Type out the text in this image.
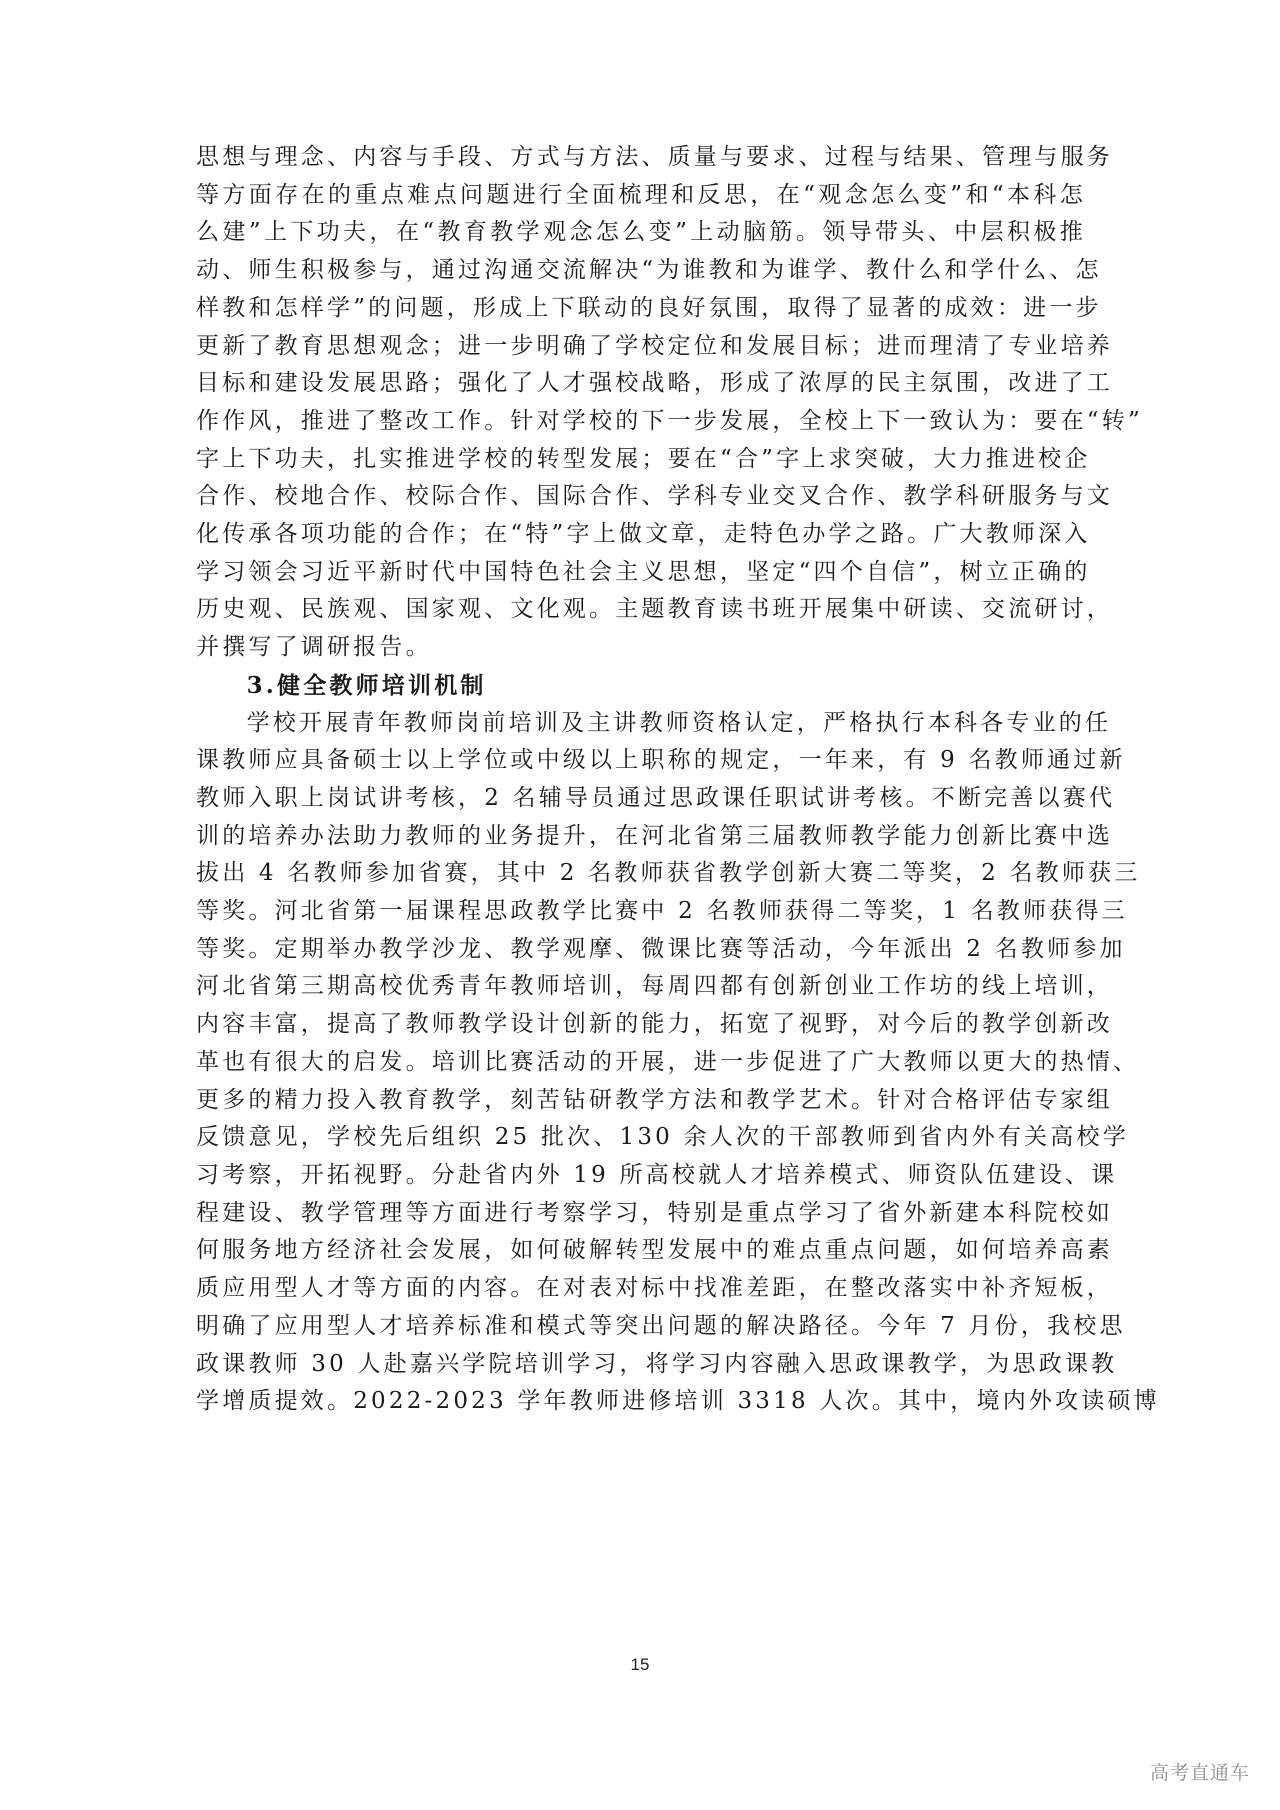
思想与理念、内容与手段、方式与方法、质量与要求、过程与结果、管理与服务
等方面存在的重点难点问题进行全面梳理和反思，在“观念怎么变”和“本科怎
么建”上下功夫，在“教育教学观念怎么变”上动脑筋。领导带头、中层积极推
动、师生积极参与，通过沟通交流解决“为谁教和为谁学、教什么和学什么、怎
样教和怎样学”的问题，形成上下联动的良好氛围，取得了显著的成效：进一步
更新了教育思想观念；进一步明确了学校定位和发展目标；进而理清了专业培养
目标和建设发展思路；强化了人才强校战略，形成了浓厚的民主氛围，改进了工
作作风，推进了整改工作。针对学校的下一步发展，全校上下一致认为：要在“转”
字上下功夫，扎实推进学校的转型发展；要在“合”字上求突破，大力推进校企
合作、校地合作、校际合作、国际合作、学科专业交叉合作、教学科研服务与文
化传承各项功能的合作；在“特”字上做文章，走特色办学之路。广大教师深入
学习领会习近平新时代中国特色社会主义思想，坚定“四个自信”，树立正确的
历史观、民族观、国家观、文化观。主题教育读书班开展集中研读、交流研讨，
并撰写了调研报告。

3.健全教师培训机制

学校开展青年教师岗前培训及主讲教师资格认定，严格执行本科各专业的任
课教师应具备硕士以上学位或中级以上职称的规定，一年来，有 9 名教师通过新
教师入职上岗试讲考核，2 名辅导员通过思政课任职试讲考核。不断完善以赛代
训的培养办法助力教师的业务提升，在河北省第三届教师教学能力创新比赛中选
拔出 4 名教师参加省赛，其中 2 名教师获省教学创新大赛二等奖，2 名教师获三
等奖。河北省第一届课程思政教学比赛中 2 名教师获得二等奖，1 名教师获得三
等奖。定期举办教学沙龙、教学观摩、微课比赛等活动，今年派出 2 名教师参加
河北省第三期高校优秀青年教师培训，每周四都有创新创业工作坊的线上培训，
内容丰富，提高了教师教学设计创新的能力，拓宽了视野，对今后的教学创新改
革也有很大的启发。培训比赛活动的开展，进一步促进了广大教师以更大的热情、
更多的精力投入教育教学，刻苦钻研教学方法和教学艺术。针对合格评估专家组
反馈意见，学校先后组织 25 批次、130 余人次的干部教师到省内外有关高校学
习考察，开拓视野。分赴省内外 19 所高校就人才培养模式、师资队伍建设、课
程建设、教学管理等方面进行考察学习，特别是重点学习了省外新建本科院校如
何服务地方经济社会发展，如何破解转型发展中的难点重点问题，如何培养高素
质应用型人才等方面的内容。在对表对标中找准差距，在整改落实中补齐短板，
明确了应用型人才培养标准和模式等突出问题的解决路径。今年 7 月份，我校思
政课教师 30 人赴嘉兴学院培训学习，将学习内容融入思政课教学，为思政课教
学增质提效。2022-2023 学年教师进修培训 3318 人次。其中，境内外攻读硕博

15
高考直通车
